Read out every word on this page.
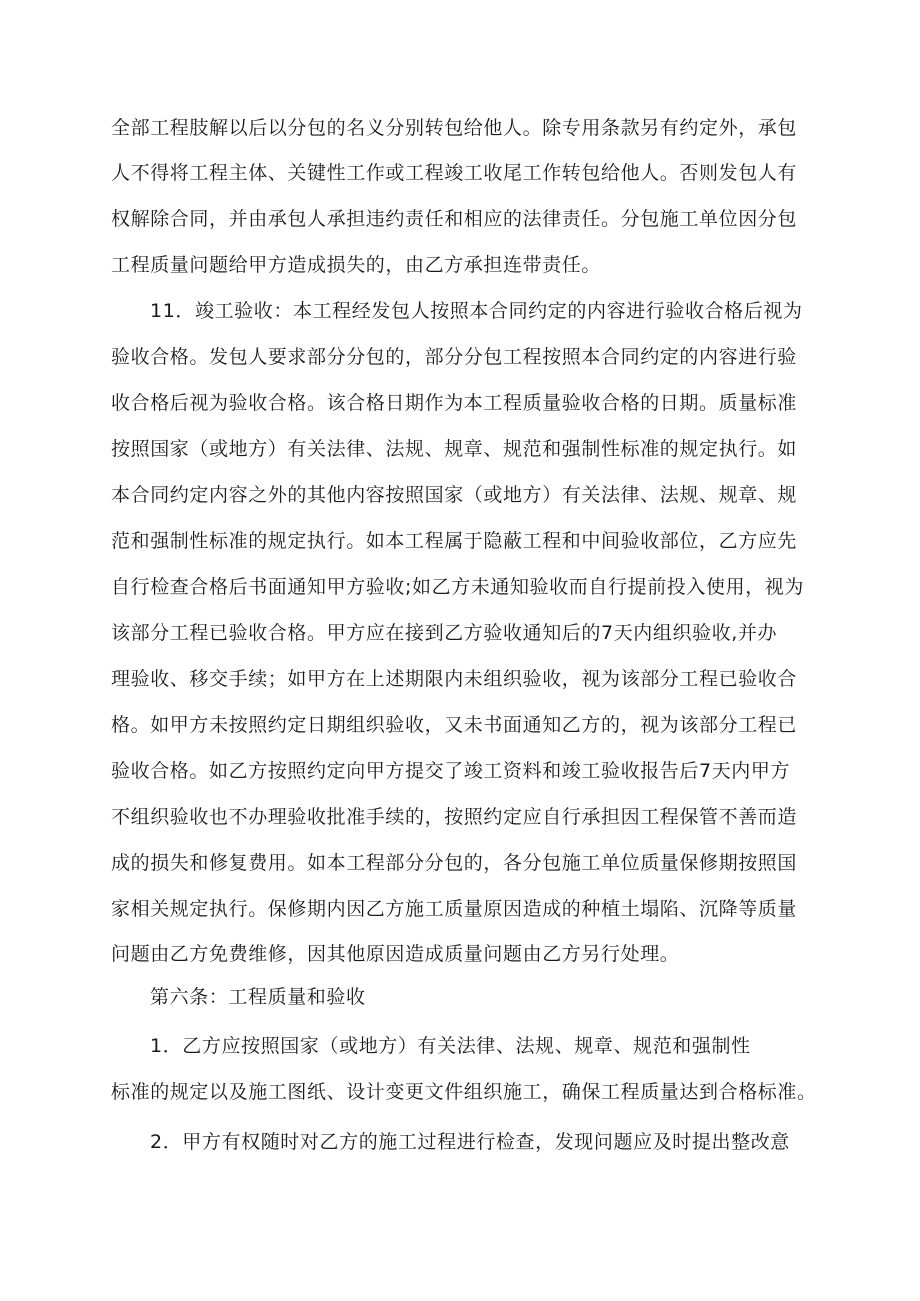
全部工程肢解以后以分包的名义分别转包给他人。除专用条款另有约定外，承包
人不得将工程主体、关键性工作或工程竣工收尾工作转包给他人。否则发包人有
权解除合同，并由承包人承担违约责任和相应的法律责任。分包施工单位因分包
工程质量问题给甲方造成损失的，由乙方承担连带责任。
11．竣工验收：本工程经发包人按照本合同约定的内容进行验收合格后视为
验收合格。发包人要求部分分包的，部分分包工程按照本合同约定的内容进行验
收合格后视为验收合格。该合格日期作为本工程质量验收合格的日期。质量标准
按照国家（或地方）有关法律、法规、规章、规范和强制性标准的规定执行。如
本合同约定内容之外的其他内容按照国家（或地方）有关法律、法规、规章、规
范和强制性标准的规定执行。如本工程属于隐蔽工程和中间验收部位，乙方应先
自行检查合格后书面通知甲方验收;如乙方未通知验收而自行提前投入使用，视为
该部分工程已验收合格。甲方应在接到乙方验收通知后的7天内组织验收,并办
理验收、移交手续；如甲方在上述期限内未组织验收，视为该部分工程已验收合
格。如甲方未按照约定日期组织验收，又未书面通知乙方的，视为该部分工程已
验收合格。如乙方按照约定向甲方提交了竣工资料和竣工验收报告后7天内甲方
不组织验收也不办理验收批准手续的，按照约定应自行承担因工程保管不善而造
成的损失和修复费用。如本工程部分分包的，各分包施工单位质量保修期按照国
家相关规定执行。保修期内因乙方施工质量原因造成的种植土塌陷、沉降等质量
问题由乙方免费维修，因其他原因造成质量问题由乙方另行处理。
第六条：工程质量和验收
1．乙方应按照国家（或地方）有关法律、法规、规章、规范和强制性
标准的规定以及施工图纸、设计变更文件组织施工，确保工程质量达到合格标准。
2．甲方有权随时对乙方的施工过程进行检查，发现问题应及时提出整改意
